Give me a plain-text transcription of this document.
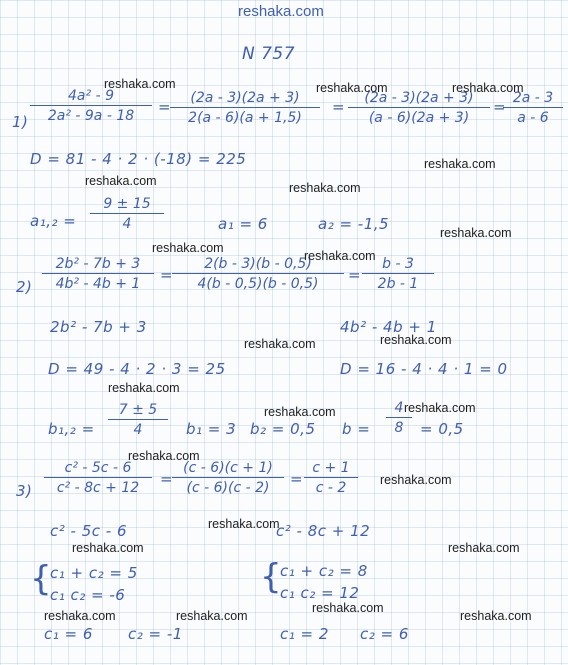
reshaka.com
N 757
1)
4a² - 9
2a² - 9a - 18	=	(2a - 3)(2a + 3)
2(a - 6)(a + 1,5)
=	(2a - 3)(2a + 3)
(a - 6)(2a + 3)
= 2a - 3
a - 6
D = 81 - 4 · 2 · (-18) = 225
a₁,₂ =
9 ± 15
4	a₁ = 6	a₂ = -1,5
2)
2b² - 7b + 3
4b² - 4b + 1	=
2(b - 3)(b - 0,5)
4(b - 0,5)(b - 0,5)	=
b - 3
2b - 1
2b² - 7b + 3	4b² - 4b + 1
D = 49 - 4 · 2 · 3 = 25	D = 16 - 4 · 4 · 1 = 0
b₁,₂ =
7 ± 5
4	b₁ = 3 b₂ = 0,5 b =
4
8	= 0,5
3)
c² - 5c - 6
c² - 8c + 12	=
(c - 6)(c + 1)
(c - 6)(c - 2)	=
c + 1
c - 2
c² - 5c - 6	c² - 8c + 12
{
c₁ + c₂ = 5
c₁ c₂ = -6	{
c₁ + c₂ = 8
c₁ c₂ = 12
c₁ = 6 c₂ = -1	c₁ = 2 c₂ = 6
reshaka.com	reshaka.com	reshaka.com
reshaka.com
reshaka.com	reshaka.com
reshaka.com
reshaka.com
reshaka.com
reshaka.com
reshaka.com
reshaka.com
reshaka.com
reshaka.com
reshaka.com
reshaka.com
reshaka.com
reshaka.com	reshaka.com
reshaka.com
reshaka.com	reshaka.com	reshaka.com
